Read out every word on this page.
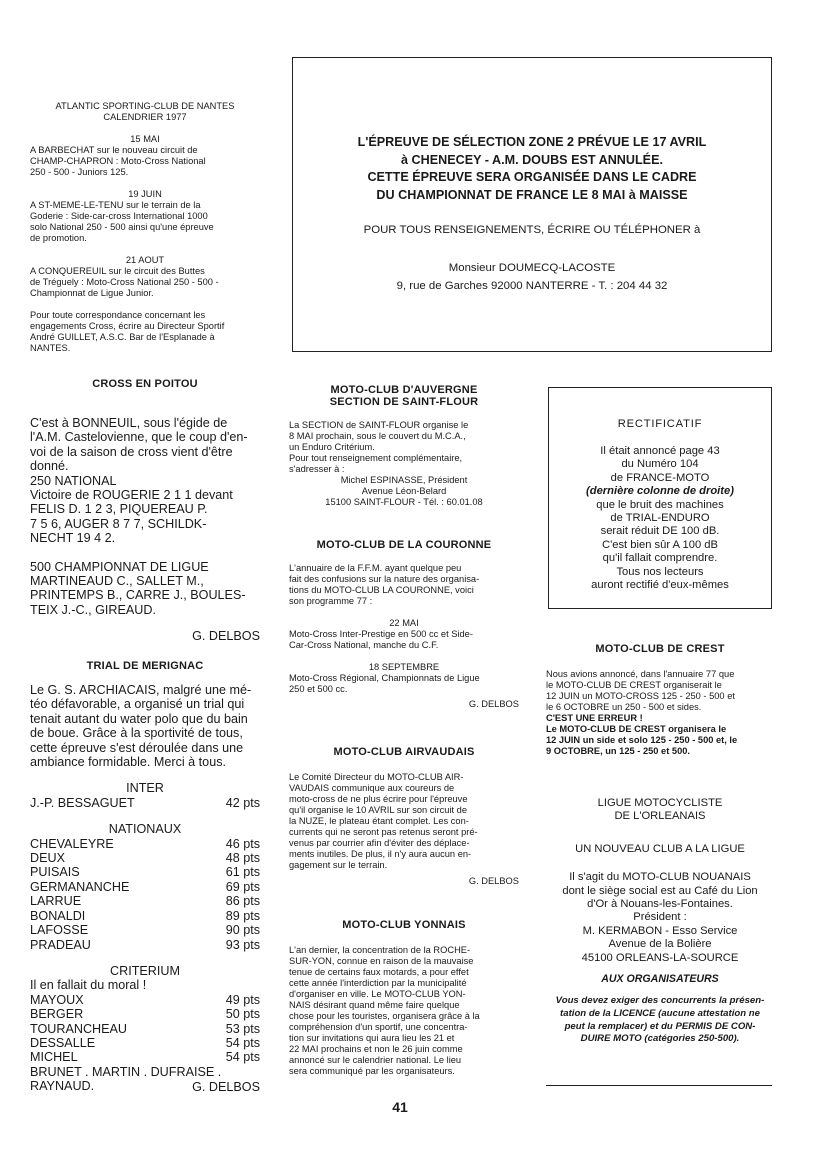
ATLANTIC SPORTING-CLUB DE NANTES

CALENDRIER 1977

15 MAI

A BARBECHAT sur le nouveau circuit de

CHAMP-CHAPRON : Moto-Cross National

250 - 500 - Juniors 125.

19 JUIN

A ST-MEME-LE-TENU sur le terrain de la

Goderie : Side-car-cross International 1000

solo National 250 - 500 ainsi qu'une épreuve

de promotion.

21 AOUT

A CONQUEREUIL sur le circuit des Buttes

de Tréguely : Moto-Cross National 250 - 500 -

Championnat de Ligue Junior.

Pour toute correspondance concernant les

engagements Cross, écrire au Directeur Sportif

André GUILLET, A.S.C. Bar de l'Esplanade à

NANTES.

CROSS EN POITOU

C'est à BONNEUIL, sous l'égide de

l'A.M. Castelovienne, que le coup d'en-

voi de la saison de cross vient d'être

donné.

250 NATIONAL

Victoire de ROUGERIE 2 1 1 devant

FELIS D. 1 2 3, PIQUEREAU P.

7 5 6, AUGER 8 7 7, SCHILDK-

NECHT 19 4 2.

500 CHAMPIONNAT DE LIGUE

MARTINEAUD C., SALLET M.,

PRINTEMPS B., CARRE J., BOULES-

TEIX J.-C., GIREAUD.

G. DELBOS

TRIAL DE MERIGNAC

Le G. S. ARCHIACAIS, malgré une mé-

téo défavorable, a organisé un trial qui

tenait autant du water polo que du bain

de boue. Grâce à la sportivité de tous,

cette épreuve s'est déroulée dans une

ambiance formidable. Merci à tous.

INTER

J.-P. BESSAGUET	42 pts

NATIONAUX

CHEVALEYRE	46 pts
DEUX	48 pts
PUISAIS	61 pts
GERMANANCHE	69 pts
LARRUE	86 pts
BONALDI	89 pts
LAFOSSE	90 pts
PRADEAU	93 pts

CRITERIUM

Il en fallait du moral !

MAYOUX	49 pts
BERGER	50 pts
TOURANCHEAU	53 pts
DESSALLE	54 pts
MICHEL	54 pts

BRUNET . MARTIN . DUFRAISE .

RAYNAUD.	G. DELBOS

L'ÉPREUVE DE SÉLECTION ZONE 2 PRÉVUE LE 17 AVRIL

à CHENECEY - A.M. DOUBS EST ANNULÉE.

CETTE ÉPREUVE SERA ORGANISÉE DANS LE CADRE

DU CHAMPIONNAT DE FRANCE LE 8 MAI à MAISSE

POUR TOUS RENSEIGNEMENTS, ÉCRIRE OU TÉLÉPHONER à

Monsieur DOUMECQ-LACOSTE

9, rue de Garches 92000 NANTERRE - T. : 204 44 32

MOTO-CLUB D'AUVERGNE

SECTION DE SAINT-FLOUR

La SECTION de SAINT-FLOUR organise le

8 MAI prochain, sous le couvert du M.C.A.,

un Enduro Critérium.

Pour tout renseignement complémentaire,

s'adresser à :

Michel ESPINASSE, Président

Avenue Léon-Belard

15100 SAINT-FLOUR - Tél. : 60.01.08

MOTO-CLUB DE LA COURONNE

L'annuaire de la F.F.M. ayant quelque peu

fait des confusions sur la nature des organisa-

tions du MOTO-CLUB LA COURONNE, voici

son programme 77 :

22 MAI

Moto-Cross Inter-Prestige en 500 cc et Side-

Car-Cross National, manche du C.F.

18 SEPTEMBRE

Moto-Cross Régional, Championnats de Ligue

250 et 500 cc.

G. DELBOS

MOTO-CLUB AIRVAUDAIS

Le Comité Directeur du MOTO-CLUB AIR-

VAUDAIS communique aux coureurs de

moto-cross de ne plus écrire pour l'épreuve

qu'il organise le 10 AVRIL sur son circuit de

la NUZE, le plateau étant complet. Les con-

currents qui ne seront pas retenus seront pré-

venus par courrier afin d'éviter des déplace-

ments inutiles. De plus, il n'y aura aucun en-

gagement sur le terrain.

G. DELBOS

MOTO-CLUB YONNAIS

L'an dernier, la concentration de la ROCHE-

SUR-YON, connue en raison de la mauvaise

tenue de certains faux motards, a pour effet

cette année l'interdiction par la municipalité

d'organiser en ville. Le MOTO-CLUB YON-

NAIS désirant quand même faire quelque

chose pour les touristes, organisera grâce à la

compréhension d'un sportif, une concentra-

tion sur invitations qui aura lieu les 21 et

22 MAI prochains et non le 26 juin comme

annoncé sur le calendrier national. Le lieu

sera communiqué par les organisateurs.

RECTIFICATIF

Il était annoncé page 43

du Numéro 104

de FRANCE-MOTO

(dernière colonne de droite)

que le bruit des machines

de TRIAL-ENDURO

serait réduit DE 100 dB.

C'est bien sûr A 100 dB

qu'il fallait comprendre.

Tous nos lecteurs

auront rectifié d'eux-mêmes

MOTO-CLUB DE CREST

Nous avions annoncé, dans l'annuaire 77 que

le MOTO-CLUB DE CREST organiserait le

12 JUIN un MOTO-CROSS 125 - 250 - 500 et

le 6 OCTOBRE un 250 - 500 et sides.

C'EST UNE ERREUR !

Le MOTO-CLUB DE CREST organisera le

12 JUIN un side et solo 125 - 250 - 500 et, le

9 OCTOBRE, un 125 - 250 et 500.

LIGUE MOTOCYCLISTE

DE L'ORLEANAIS

UN NOUVEAU CLUB A LA LIGUE

Il s'agit du MOTO-CLUB NOUANAIS

dont le siège social est au Café du Lion

d'Or à Nouans-les-Fontaines.

Président :

M. KERMABON - Esso Service

Avenue de la Bolière

45100 ORLEANS-LA-SOURCE

AUX ORGANISATEURS

Vous devez exiger des concurrents la présen-

tation de la LICENCE (aucune attestation ne

peut la remplacer) et du PERMIS DE CON-

DUIRE MOTO (catégories 250-500).

41
